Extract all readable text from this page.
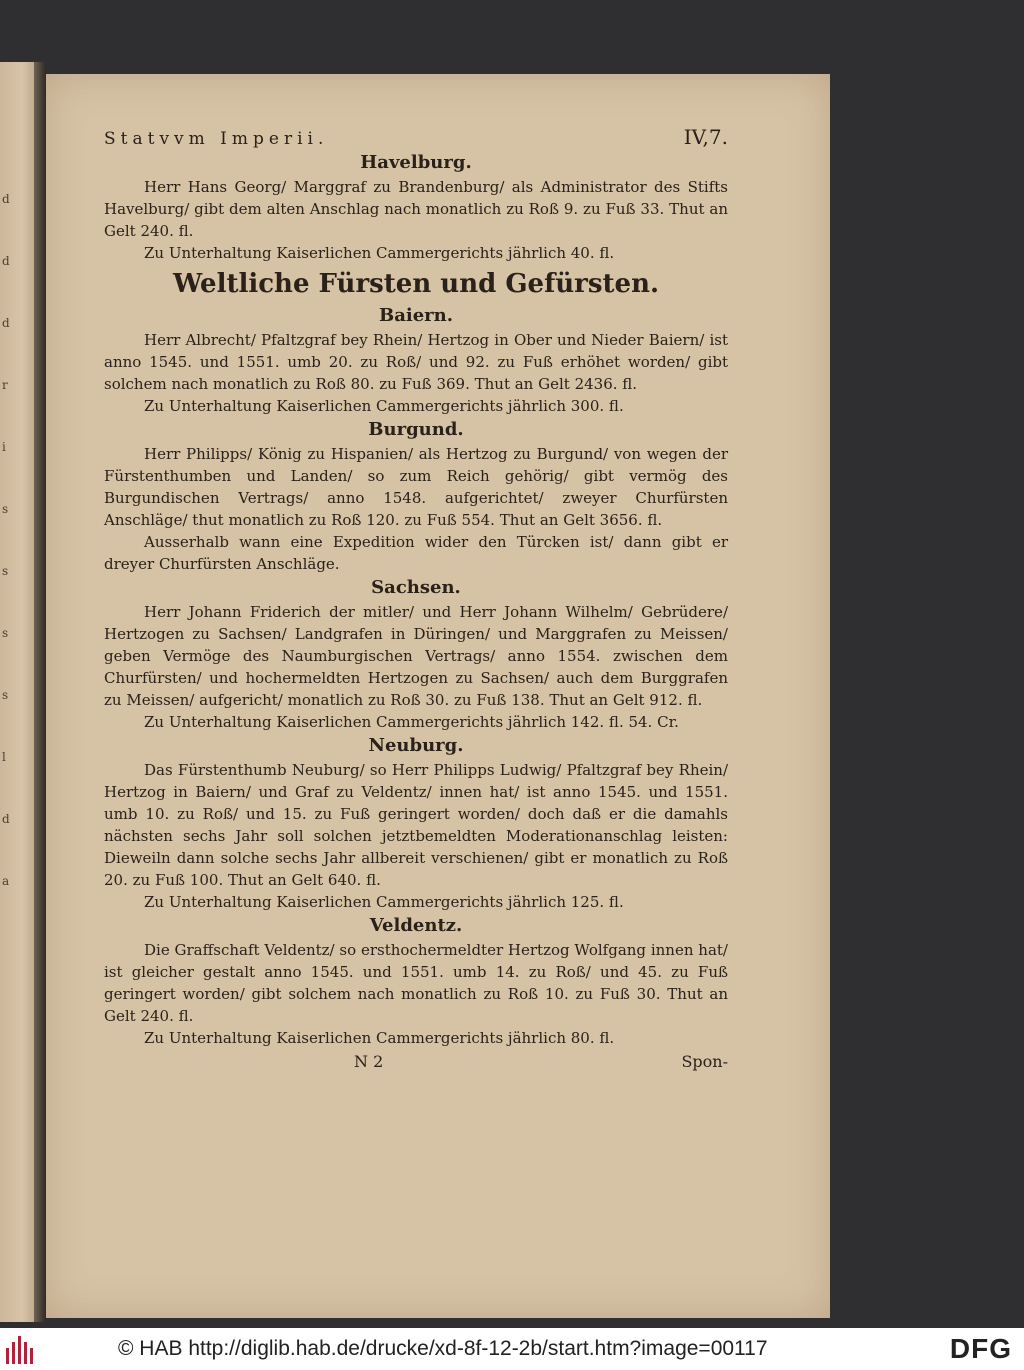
d
d
d
r
i
s
s
s
s
l
d
a
Statvvm Imperii.	IV,7.
Havelburg.

Herr Hans Georg/ Marggraf zu Brandenburg/ als Administrator des Stifts Havelburg/ gibt dem alten Anschlag nach monatlich zu Roß 9. zu Fuß 33. Thut an Gelt 240. fl.

Zu Unterhaltung Kaiserlichen Cammergerichts jährlich 40. fl.

Weltliche Fürsten und Gefürsten.
Baiern.

Herr Albrecht/ Pfaltzgraf bey Rhein/ Hertzog in Ober und Nieder Baiern/ ist anno 1545. und 1551. umb 20. zu Roß/ und 92. zu Fuß erhöhet worden/ gibt solchem nach monatlich zu Roß 80. zu Fuß 369. Thut an Gelt 2436. fl.

Zu Unterhaltung Kaiserlichen Cammergerichts jährlich 300. fl.

Burgund.

Herr Philipps/ König zu Hispanien/ als Hertzog zu Burgund/ von wegen der Fürstenthumben und Landen/ so zum Reich gehörig/ gibt vermög des Burgundischen Vertrags/ anno 1548. aufgerichtet/ zweyer Churfürsten Anschläge/ thut monatlich zu Roß 120. zu Fuß 554. Thut an Gelt 3656. fl.

Ausserhalb wann eine Expedition wider den Türcken ist/ dann gibt er dreyer Churfürsten Anschläge.

Sachsen.

Herr Johann Friderich der mitler/ und Herr Johann Wilhelm/ Gebrüdere/ Hertzogen zu Sachsen/ Landgrafen in Düringen/ und Marggrafen zu Meissen/ geben Vermöge des Naumburgischen Vertrags/ anno 1554. zwischen dem Churfürsten/ und hochermeldten Hertzogen zu Sachsen/ auch dem Burggrafen zu Meissen/ aufgericht/ monatlich zu Roß 30. zu Fuß 138. Thut an Gelt 912. fl.

Zu Unterhaltung Kaiserlichen Cammergerichts jährlich 142. fl. 54. Cr.

Neuburg.

Das Fürstenthumb Neuburg/ so Herr Philipps Ludwig/ Pfaltzgraf bey Rhein/ Hertzog in Baiern/ und Graf zu Veldentz/ innen hat/ ist anno 1545. und 1551. umb 10. zu Roß/ und 15. zu Fuß geringert worden/ doch daß er die damahls nächsten sechs Jahr soll solchen jetztbemeldten Moderationanschlag leisten: Dieweiln dann solche sechs Jahr allbereit verschienen/ gibt er monatlich zu Roß 20. zu Fuß 100. Thut an Gelt 640. fl.

Zu Unterhaltung Kaiserlichen Cammergerichts jährlich 125. fl.

Veldentz.

Die Graffschaft Veldentz/ so ersthochermeldter Hertzog Wolfgang innen hat/ ist gleicher gestalt anno 1545. und 1551. umb 14. zu Roß/ und 45. zu Fuß geringert worden/ gibt solchem nach monatlich zu Roß 10. zu Fuß 30. Thut an Gelt 240. fl.

Zu Unterhaltung Kaiserlichen Cammergerichts jährlich 80. fl.

N 2	Spon-
© HAB http://diglib.hab.de/drucke/xd-8f-12-2b/start.htm?image=00117	DFG
